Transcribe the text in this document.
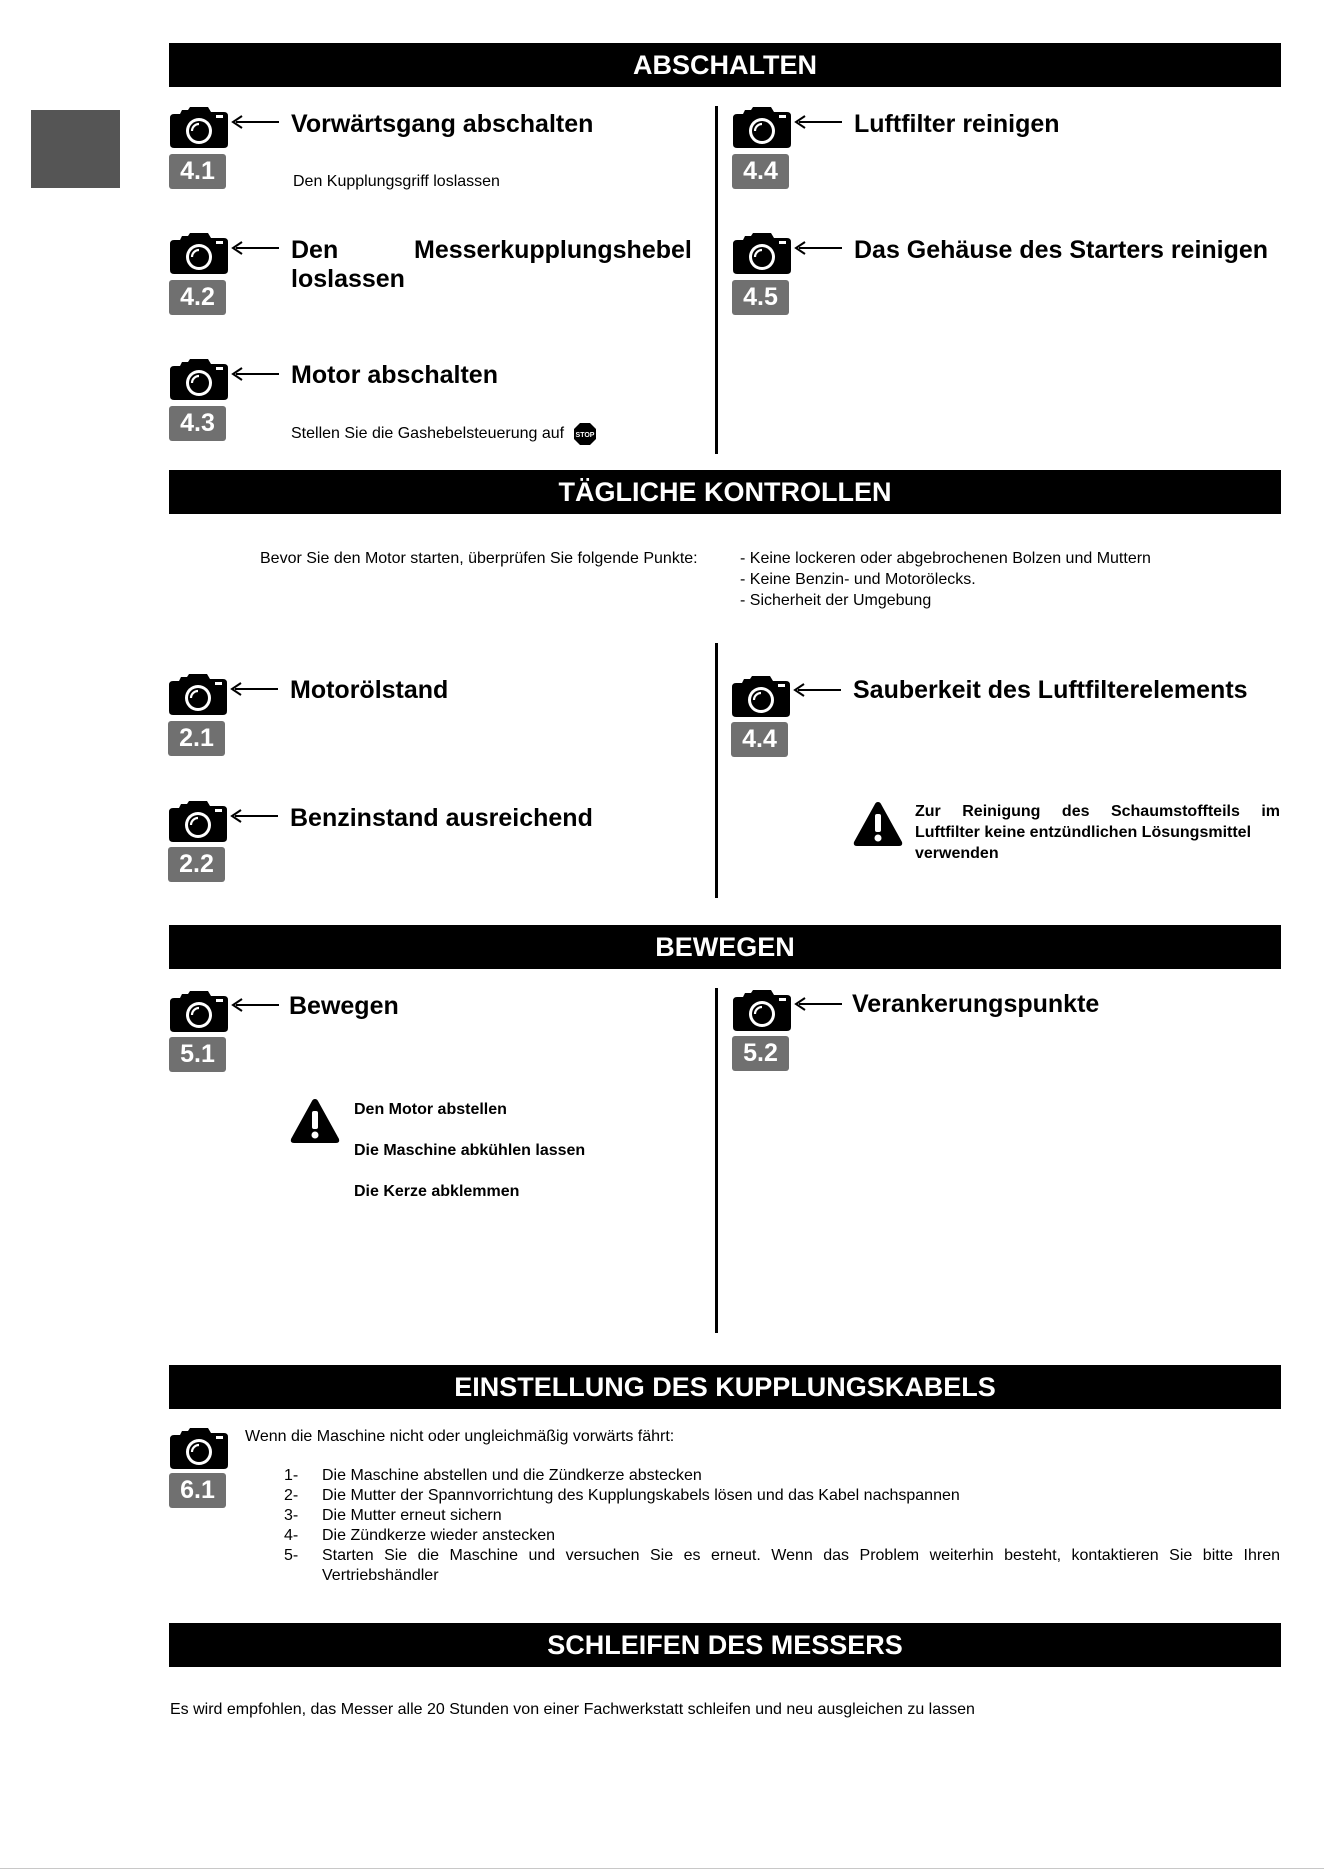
ABSCHALTEN
4.1
Vorwärtsgang abschalten
Den Kupplungsgriff loslassen
4.2
Den	Messerkupplungshebel
loslassen
4.3
Motor abschalten
Stellen Sie die Gashebelsteuerung auf STOP
4.4
Luftfilter reinigen
4.5
Das Gehäuse des Starters reinigen
TÄGLICHE KONTROLLEN
Bevor Sie den Motor starten, überprüfen Sie folgende Punkte:	- Keine lockeren oder abgebrochenen Bolzen und Muttern
- Keine Benzin- und Motorölecks.
- Sicherheit der Umgebung
2.1
Motorölstand
2.2
Benzinstand ausreichend
4.4
Sauberkeit des Luftfilterelements
Zur Reinigung des Schaumstoffteils im
Luftfilter keine entzündlichen Lösungsmittel
verwenden
BEWEGEN
5.1
Bewegen
Den Motor abstellen
Die Maschine abkühlen lassen
Die Kerze abklemmen
5.2
Verankerungspunkte
EINSTELLUNG DES KUPPLUNGSKABELS
6.1
Wenn die Maschine nicht oder ungleichmäßig vorwärts fährt:
1-	Die Maschine abstellen und die Zündkerze abstecken
2-	Die Mutter der Spannvorrichtung des Kupplungskabels lösen und das Kabel nachspannen
3-	Die Mutter erneut sichern
4-	Die Zündkerze wieder anstecken
5-	Starten Sie die Maschine und versuchen Sie es erneut. Wenn das Problem weiterhin besteht, kontaktieren Sie bitte Ihren Vertriebshändler
SCHLEIFEN DES MESSERS
Es wird empfohlen, das Messer alle 20 Stunden von einer Fachwerkstatt schleifen und neu ausgleichen zu lassen
